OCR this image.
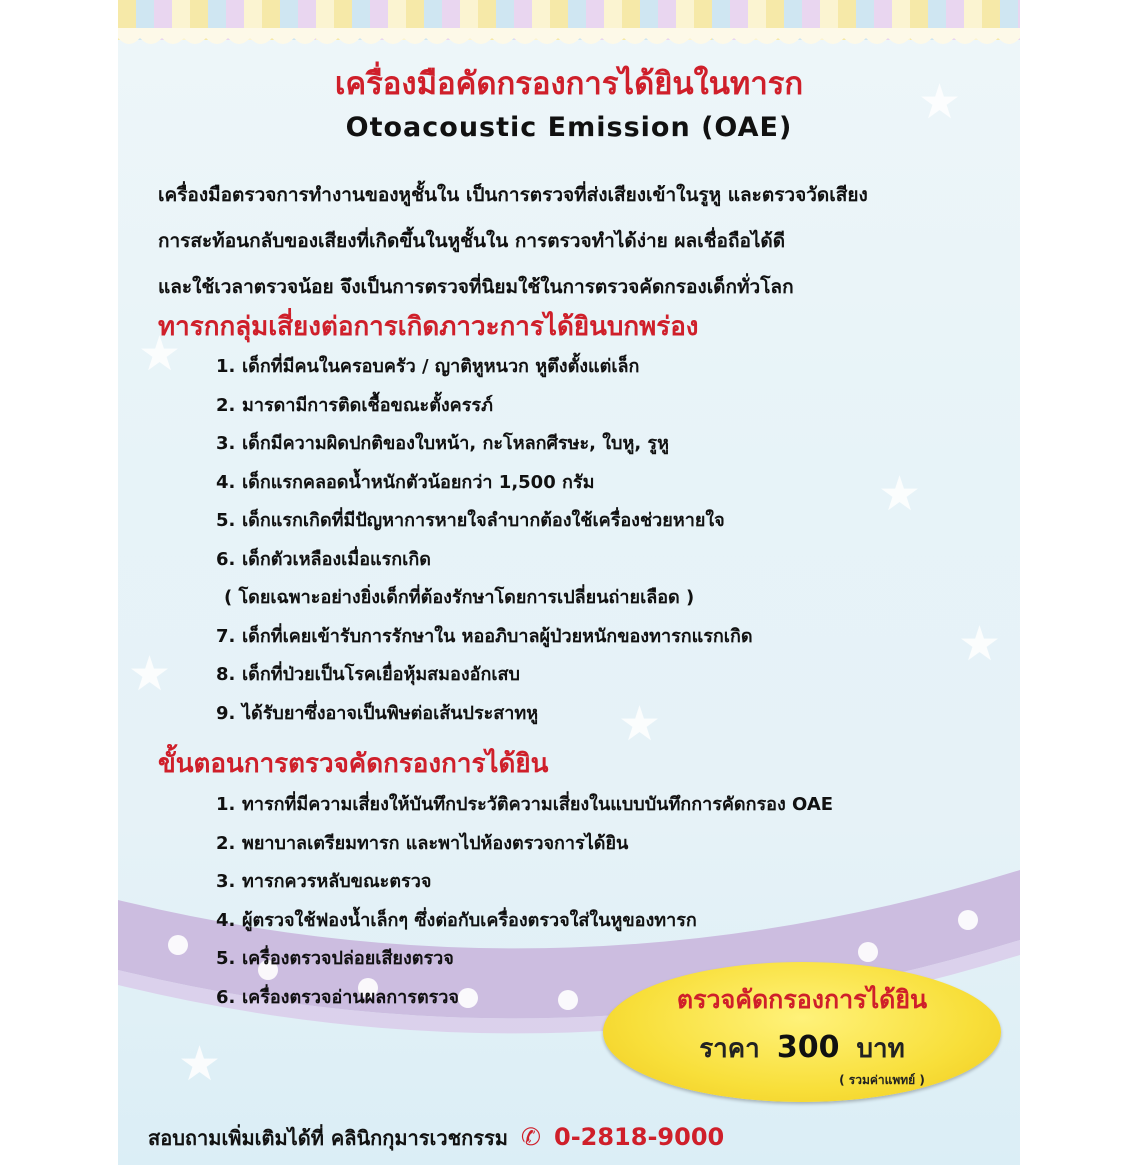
★
★
★
★
★
★
★
เครื่องมือคัดกรองการได้ยินในทารก
Otoacoustic Emission (OAE)
เครื่องมือตรวจการทำงานของหูชั้นใน เป็นการตรวจที่ส่งเสียงเข้าในรูหู และตรวจวัดเสียง
การสะท้อนกลับของเสียงที่เกิดขึ้นในหูชั้นใน การตรวจทำได้ง่าย ผลเชื่อถือได้ดี
และใช้เวลาตรวจน้อย จึงเป็นการตรวจที่นิยมใช้ในการตรวจคัดกรองเด็กทั่วโลก
ทารกกลุ่มเสี่ยงต่อการเกิดภาวะการได้ยินบกพร่อง
1. เด็กที่มีคนในครอบครัว / ญาติหูหนวก หูตึงตั้งแต่เล็ก
2. มารดามีการติดเชื้อขณะตั้งครรภ์
3. เด็กมีความผิดปกติของใบหน้า, กะโหลกศีรษะ, ใบหู, รูหู
4. เด็กแรกคลอดน้ำหนักตัวน้อยกว่า 1,500 กรัม
5. เด็กแรกเกิดที่มีปัญหาการหายใจลำบากต้องใช้เครื่องช่วยหายใจ
6. เด็กตัวเหลืองเมื่อแรกเกิด
( โดยเฉพาะอย่างยิ่งเด็กที่ต้องรักษาโดยการเปลี่ยนถ่ายเลือด )
7. เด็กที่เคยเข้ารับการรักษาใน หออภิบาลผู้ป่วยหนักของทารกแรกเกิด
8. เด็กที่ป่วยเป็นโรคเยื่อหุ้มสมองอักเสบ
9. ได้รับยาซึ่งอาจเป็นพิษต่อเส้นประสาทหู
ขั้นตอนการตรวจคัดกรองการได้ยิน
1. ทารกที่มีความเสี่ยงให้บันทึกประวัติความเสี่ยงในแบบบันทึกการคัดกรอง OAE
2. พยาบาลเตรียมทารก และพาไปห้องตรวจการได้ยิน
3. ทารกควรหลับขณะตรวจ
4. ผู้ตรวจใช้ฟองน้ำเล็กๆ ซึ่งต่อกับเครื่องตรวจใส่ในหูของทารก
5. เครื่องตรวจปล่อยเสียงตรวจ
6. เครื่องตรวจอ่านผลการตรวจ	ตรวจคัดกรองการได้ยิน
ราคา 300 บาท
( รวมค่าแพทย์ )
สอบถามเพิ่มเติมได้ที่ คลินิกกุมารเวชกรรม ✆ 0-2818-9000
